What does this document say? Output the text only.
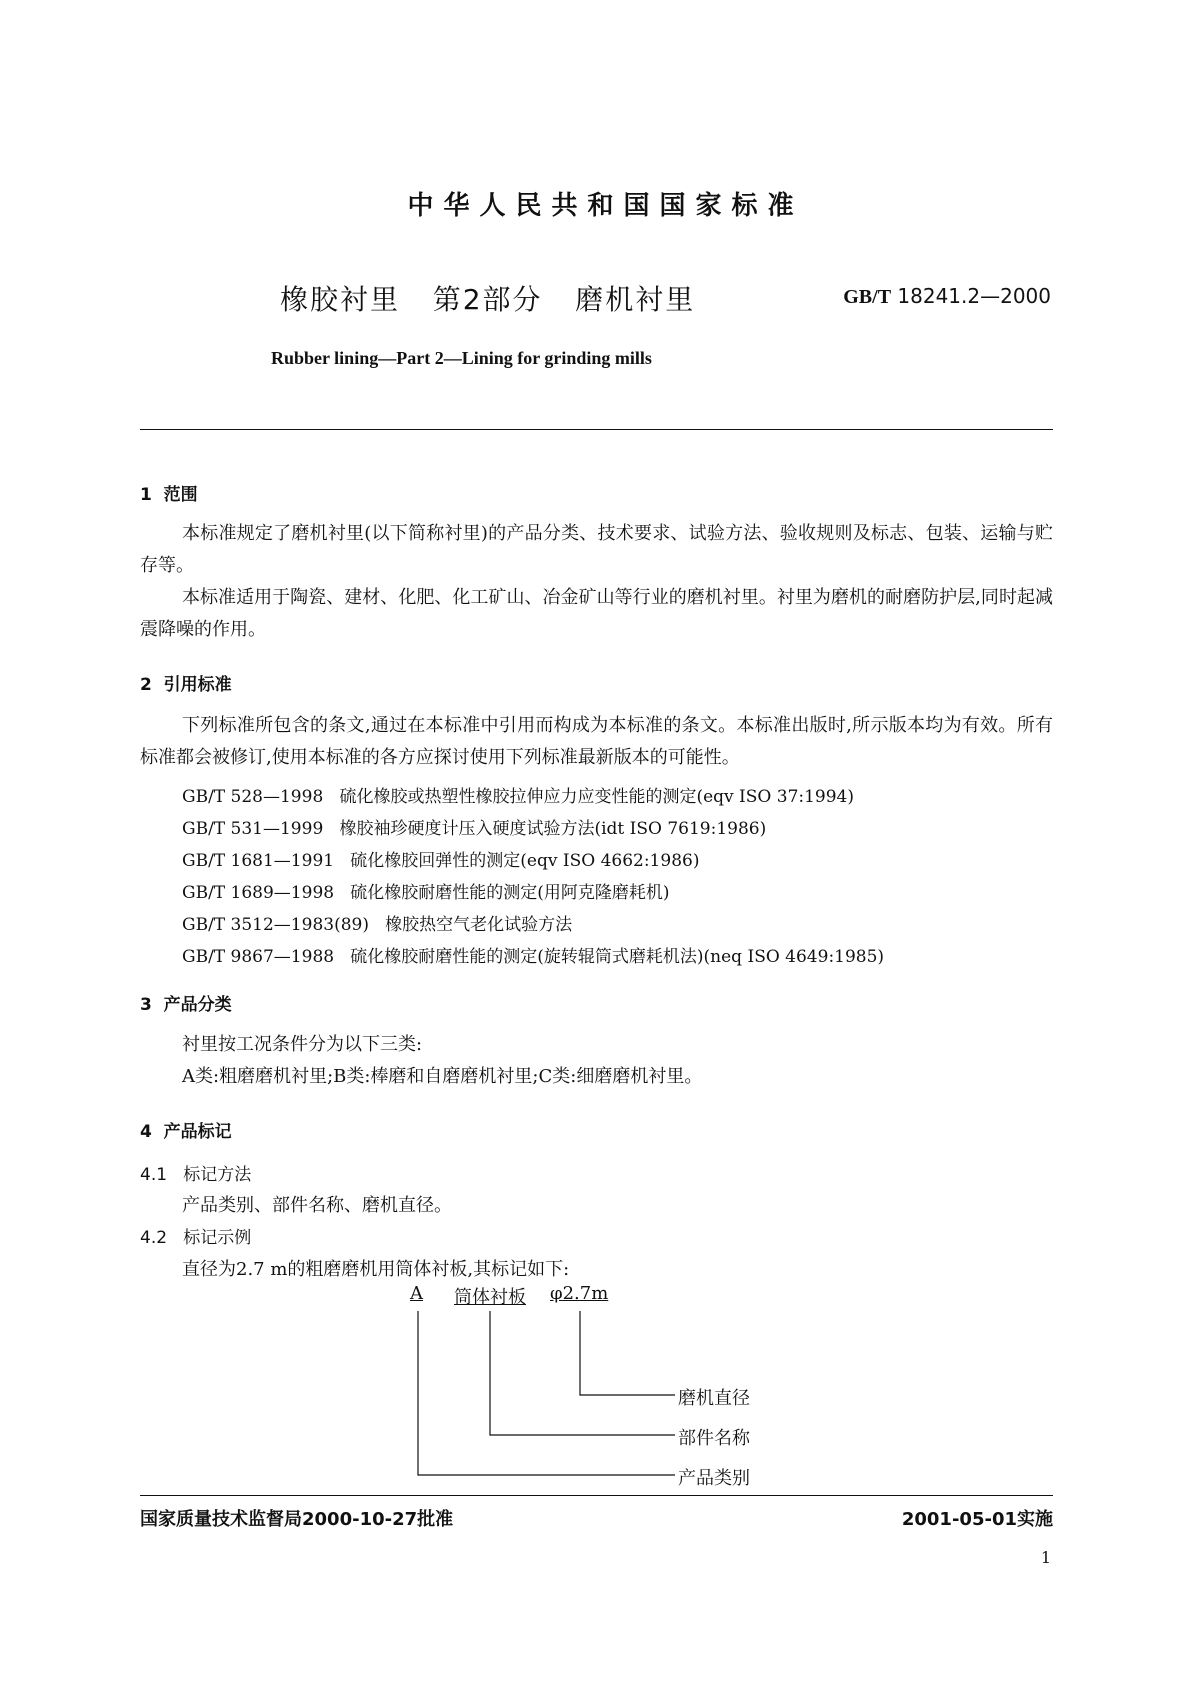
中华人民共和国国家标准
橡胶衬里   第2部分   磨机衬里	GB/T 18241.2—2000
Rubber lining—Part 2—Lining for grinding mills
1  范围
本标准规定了磨机衬里(以下简称衬里)的产品分类、技术要求、试验方法、验收规则及标志、包装、运输与贮存等。
本标准适用于陶瓷、建材、化肥、化工矿山、冶金矿山等行业的磨机衬里。衬里为磨机的耐磨防护层,同时起减震降噪的作用。
2  引用标准
下列标准所包含的条文,通过在本标准中引用而构成为本标准的条文。本标准出版时,所示版本均为有效。所有标准都会被修订,使用本标准的各方应探讨使用下列标准最新版本的可能性。
GB/T 528—1998   硫化橡胶或热塑性橡胶拉伸应力应变性能的测定(eqv ISO 37:1994)
GB/T 531—1999   橡胶袖珍硬度计压入硬度试验方法(idt ISO 7619:1986)
GB/T 1681—1991   硫化橡胶回弹性的测定(eqv ISO 4662:1986)
GB/T 1689—1998   硫化橡胶耐磨性能的测定(用阿克隆磨耗机)
GB/T 3512—1983(89)   橡胶热空气老化试验方法
GB/T 9867—1988   硫化橡胶耐磨性能的测定(旋转辊筒式磨耗机法)(neq ISO 4649:1985)
3  产品分类
衬里按工况条件分为以下三类:
A类:粗磨磨机衬里;B类:棒磨和自磨磨机衬里;C类:细磨磨机衬里。
4  产品标记
4.1   标记方法
产品类别、部件名称、磨机直径。
4.2   标记示例
直径为2.7 m的粗磨磨机用筒体衬板,其标记如下:
A 筒体衬板 φ2.7m
磨机直径
部件名称
产品类别
国家质量技术监督局2000-10-27批准	2001-05-01实施
1
